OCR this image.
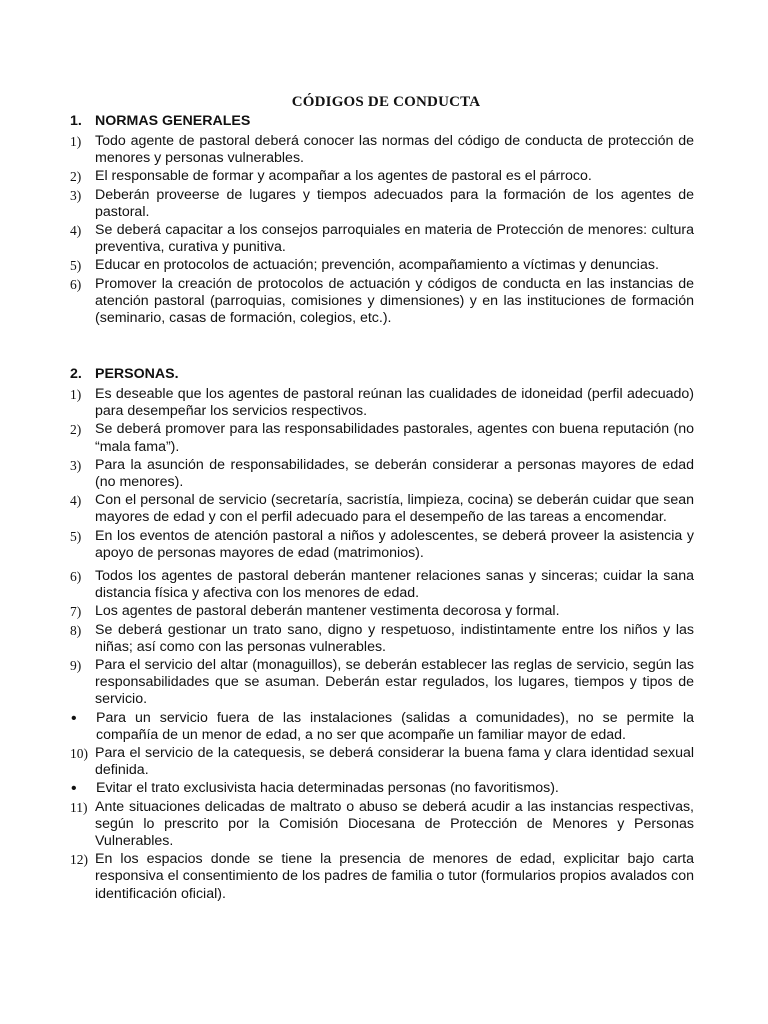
CÓDIGOS DE CONDUCTA
1. NORMAS GENERALES
1) Todo agente de pastoral deberá conocer las normas del código de conducta de protección de menores y personas vulnerables.
2) El responsable de formar y acompañar a los agentes de pastoral es el párroco.
3) Deberán proveerse de lugares y tiempos adecuados para la formación de los agentes de pastoral.
4) Se deberá capacitar a los consejos parroquiales en materia de Protección de menores: cultura preventiva, curativa y punitiva.
5) Educar en protocolos de actuación; prevención, acompañamiento a víctimas y denuncias.
6) Promover la creación de protocolos de actuación y códigos de conducta en las instancias de atención pastoral (parroquias, comisiones y dimensiones) y en las instituciones de formación (seminario, casas de formación, colegios, etc.).
2. PERSONAS.
1) Es deseable que los agentes de pastoral reúnan las cualidades de idoneidad (perfil adecuado) para desempeñar los servicios respectivos.
2) Se deberá promover para las responsabilidades pastorales, agentes con buena reputación (no “mala fama”).
3) Para la asunción de responsabilidades, se deberán considerar a personas mayores de edad (no menores).
4) Con el personal de servicio (secretaría, sacristía, limpieza, cocina) se deberán cuidar que sean mayores de edad y con el perfil adecuado para el desempeño de las tareas a encomendar.
5) En los eventos de atención pastoral a niños y adolescentes, se deberá proveer la asistencia y apoyo de personas mayores de edad (matrimonios).
6) Todos los agentes de pastoral deberán mantener relaciones sanas y sinceras; cuidar la sana distancia física y afectiva con los menores de edad.
7) Los agentes de pastoral deberán mantener vestimenta decorosa y formal.
8) Se deberá gestionar un trato sano, digno y respetuoso, indistintamente entre los niños y las niñas; así como con las personas vulnerables.
9) Para el servicio del altar (monaguillos), se deberán establecer las reglas de servicio, según las responsabilidades que se asuman. Deberán estar regulados, los lugares, tiempos y tipos de servicio.
•	Para un servicio fuera de las instalaciones (salidas a comunidades), no se permite la compañía de un menor de edad, a no ser que acompañe un familiar mayor de edad.
10) Para el servicio de la catequesis, se deberá considerar la buena fama y clara identidad sexual definida.
•	Evitar el trato exclusivista hacia determinadas personas (no favoritismos).
11) Ante situaciones delicadas de maltrato o abuso se deberá acudir a las instancias respectivas, según lo prescrito por la Comisión Diocesana de Protección de Menores y Personas Vulnerables.
12) En los espacios donde se tiene la presencia de menores de edad, explicitar bajo carta responsiva el consentimiento de los padres de familia o tutor (formularios propios avalados con identificación oficial).
